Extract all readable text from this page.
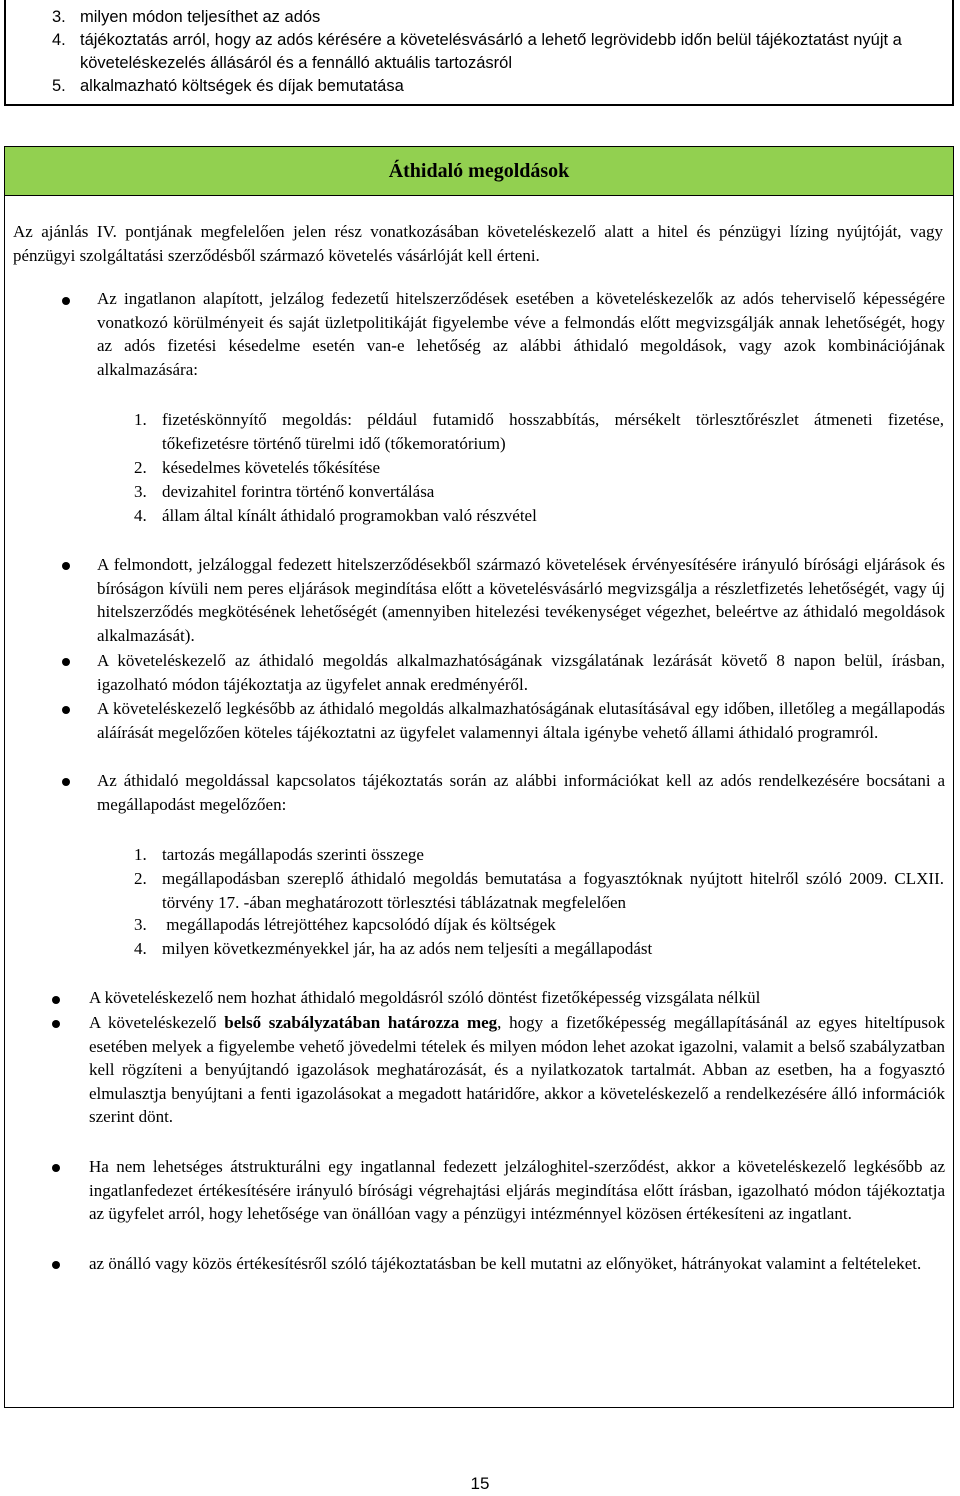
3. milyen módon teljesíthet az adós
4. tájékoztatás arról, hogy az adós kérésére a követelésvásárló a lehető legrövidebb időn belül tájékoztatást nyújt a követeléskezelés állásáról és a fennálló aktuális tartozásról
5. alkalmazható költségek és díjak bemutatása
Áthidaló megoldások
Az ajánlás IV. pontjának megfelelően jelen rész vonatkozásában követeléskezelő alatt a hitel és pénzügyi lízing nyújtóját, vagy pénzügyi szolgáltatási szerződésből származó követelés vásárlóját kell érteni.
Az ingatlanon alapított, jelzálog fedezetű hitelszerződések esetében a követeléskezelők az adós teherviselő képességére vonatkozó körülményeit és saját üzletpolitikáját figyelembe véve a felmondás előtt megvizsgálják annak lehetőségét, hogy az adós fizetési késedelme esetén van-e lehetőség az alábbi áthidaló megoldások, vagy azok kombinációjának alkalmazására:
1. fizetéskönnyítő megoldás: például futamidő hosszabbítás, mérsékelt törlesztőrészlet átmeneti fizetése, tőkefizetésre történő türelmi idő (tőkemoratórium)
2. késedelmes követelés tőkésítése
3. devizahitel forintra történő konvertálása
4. állam által kínált áthidaló programokban való részvétel
A felmondott, jelzáloggal fedezett hitelszerződésekből származó követelések érvényesítésére irányuló bírósági eljárások és bíróságon kívüli nem peres eljárások megindítása előtt a követelésvásárló megvizsgálja a részletfizetés lehetőségét, vagy új hitelszerződés megkötésének lehetőségét (amennyiben hitelezési tevékenységet végezhet, beleértve az áthidaló megoldások alkalmazását).
A követeléskezelő az áthidaló megoldás alkalmazhatóságának vizsgálatának lezárását követő 8 napon belül, írásban, igazolható módon tájékoztatja az ügyfelet annak eredményéről.
A követeléskezelő legkésőbb az áthidaló megoldás alkalmazhatóságának elutasításával egy időben, illetőleg a megállapodás aláírását megelőzően köteles tájékoztatni az ügyfelet valamennyi általa igénybe vehető állami áthidaló programról.
Az áthidaló megoldással kapcsolatos tájékoztatás során az alábbi információkat kell az adós rendelkezésére bocsátani a megállapodást megelőzően:
1. tartozás megállapodás szerinti összege
2. megállapodásban szereplő áthidaló megoldás bemutatása a fogyasztóknak nyújtott hitelről szóló 2009. CLXII. törvény 17. -ában meghatározott törlesztési táblázatnak megfelelően
3. megállapodás létrejöttéhez kapcsolódó díjak és költségek
4. milyen következményekkel jár, ha az adós nem teljesíti a megállapodást
A követeléskezelő nem hozhat áthidaló megoldásról szóló döntést fizetőképesség vizsgálata nélkül
A követeléskezelő belső szabályzatában határozza meg, hogy a fizetőképesség megállapításánál az egyes hiteltípusok esetében melyek a figyelembe vehető jövedelmi tételek és milyen módon lehet azokat igazolni, valamit a belső szabályzatban kell rögzíteni a benyújtandó igazolások meghatározását, és a nyilatkozatok tartalmát. Abban az esetben, ha a fogyasztó elmulasztja benyújtani a fenti igazolásokat a megadott határidőre, akkor a követeléskezelő a rendelkezésére álló információk szerint dönt.
Ha nem lehetséges átstrukturálni egy ingatlannal fedezett jelzáloghitel-szerződést, akkor a követeléskezelő legkésőbb az ingatlanfedezet értékesítésére irányuló bírósági végrehajtási eljárás megindítása előtt írásban, igazolható módon tájékoztatja az ügyfelet arról, hogy lehetősége van önállóan vagy a pénzügyi intézménnyel közösen értékesíteni az ingatlant.
az önálló vagy közös értékesítésről szóló tájékoztatásban be kell mutatni az előnyöket, hátrányokat valamint a feltételeket.
15
